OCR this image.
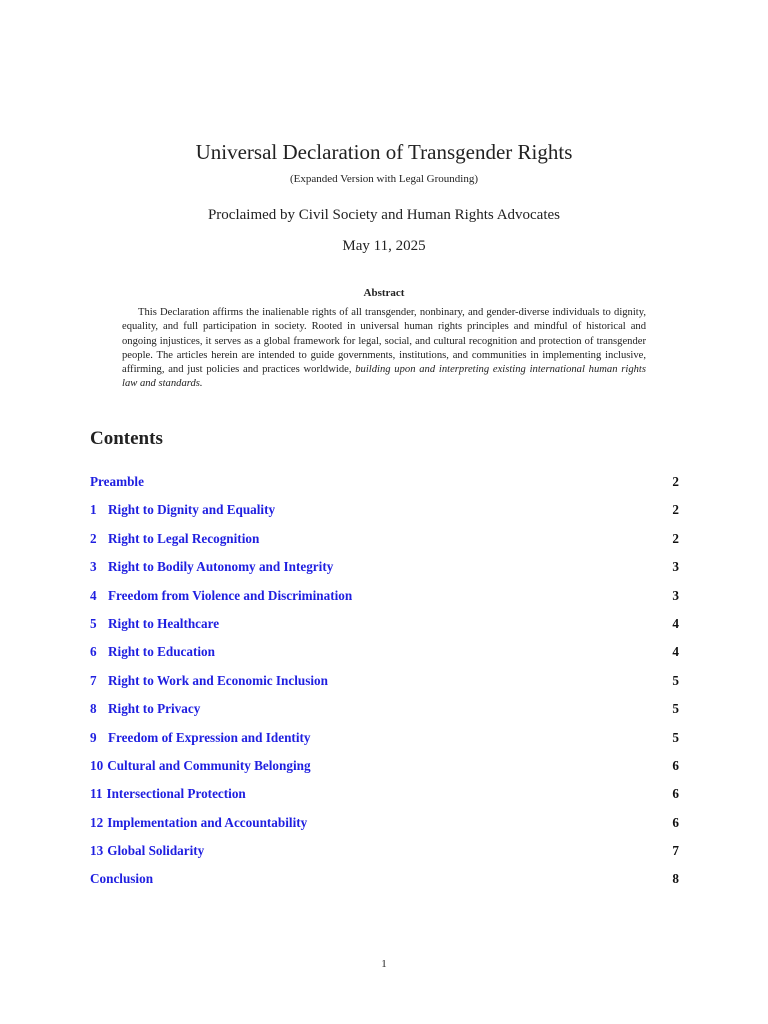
Universal Declaration of Transgender Rights
(Expanded Version with Legal Grounding)
Proclaimed by Civil Society and Human Rights Advocates
May 11, 2025
Abstract
This Declaration affirms the inalienable rights of all transgender, nonbinary, and gender-diverse individuals to dignity, equality, and full participation in society. Rooted in universal human rights principles and mindful of historical and ongoing injustices, it serves as a global framework for legal, social, and cultural recognition and protection of transgender people. The articles herein are intended to guide governments, institutions, and communities in implementing inclusive, affirming, and just policies and practices worldwide, building upon and interpreting existing international human rights law and standards.
Contents
Preamble	2
1 Right to Dignity and Equality	2
2 Right to Legal Recognition	2
3 Right to Bodily Autonomy and Integrity	3
4 Freedom from Violence and Discrimination	3
5 Right to Healthcare	4
6 Right to Education	4
7 Right to Work and Economic Inclusion	5
8 Right to Privacy	5
9 Freedom of Expression and Identity	5
10 Cultural and Community Belonging	6
11 Intersectional Protection	6
12 Implementation and Accountability	6
13 Global Solidarity	7
Conclusion	8
1
